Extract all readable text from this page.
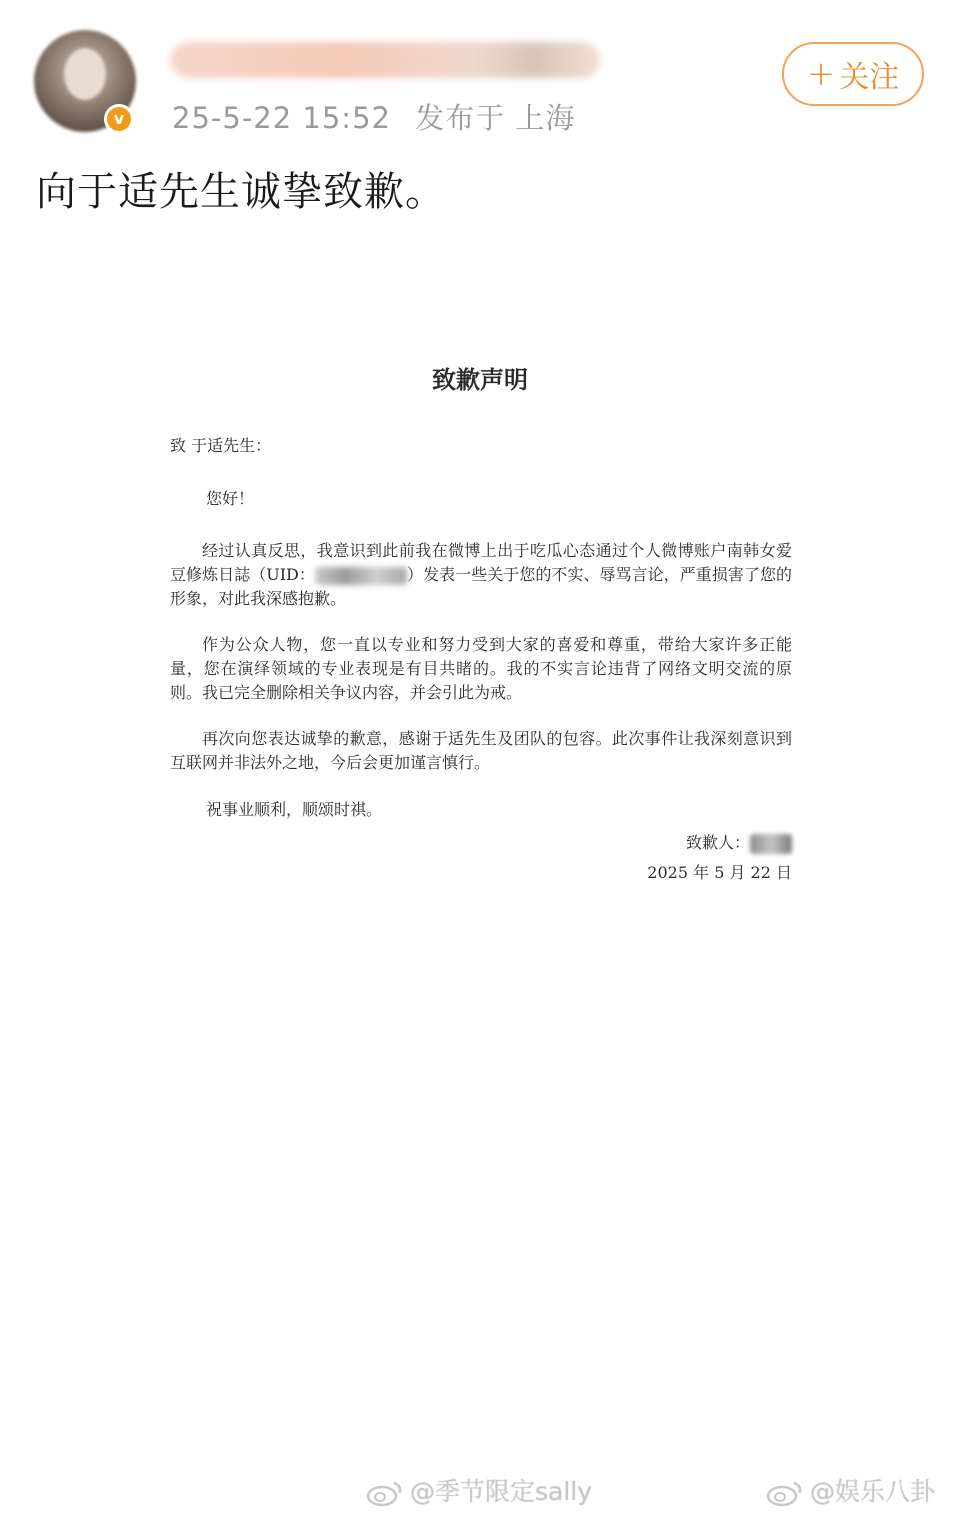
v	25-5-22 15:52 发布于 上海
+ 关注
向于适先生诚挚致歉。
致歉声明
致 于适先生：
您好！
经过认真反思，我意识到此前我在微博上出于吃瓜心态通过个人微博账户南韩女爱豆修炼日誌（UID：	）发表一些关于您的不实、辱骂言论，严重损害了您的形象，对此我深感抱歉。
作为公众人物，您一直以专业和努力受到大家的喜爱和尊重，带给大家许多正能量，您在演绎领域的专业表现是有目共睹的。我的不实言论违背了网络文明交流的原则。我已完全删除相关争议内容，并会引此为戒。
再次向您表达诚挚的歉意，感谢于适先生及团队的包容。此次事件让我深刻意识到互联网并非法外之地，今后会更加谨言慎行。
祝事业顺利，顺颂时祺。
致歉人：
2025 年 5 月 22 日
@季节限定sally	@娱乐八卦
